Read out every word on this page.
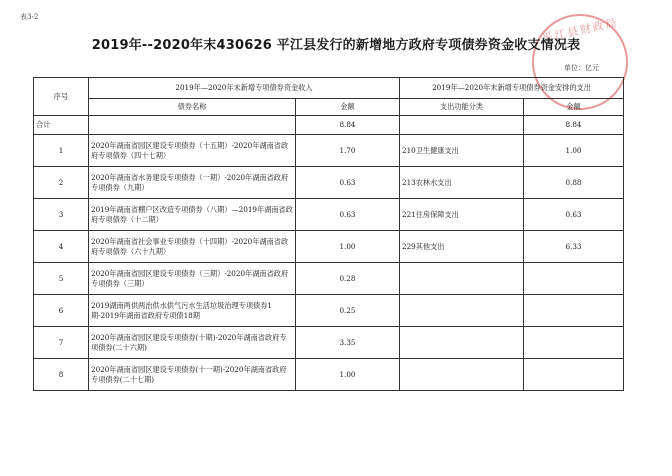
表3-2	平江县财政局
2019年--2020年末430626 平江县发行的新增地方政府专项债券资金收支情况表
单位：亿元
序号	2019年—2020年末新增专项债券资金收入		2019年—2020年末新增专项债券资金安排的支出	
	债券名称	金额	支出功能分类	金额
合计		8.84		8.84
1	2020年湖南省园区建设专项债券（十五期）-2020年湖南省政府专项债券（四十七期）	1.70	210卫生健康支出	1.00
2	2020年湖南省水务建设专项债券（一期）-2020年湖南省政府专项债券（九期）	0.63	213农林水支出	0.88
3	2019年湖南省棚户区改造专项债券（八期）—2019年湖南省政府专项债券（十二期）	0.63	221住房保障支出	0.63
4	2020年湖南省社会事业专项债券（十四期）-2020年湖南省政府专项债券（六十九期）	1.00	229其他支出	6.33
5	2020年湖南省园区建设专项债券（三期）-2020年湖南省政府专项债券（三期）	0.28		
6	2019湖南两供两治供水供气污水生活垃圾治理专项债券1期-2019年湖南省政府专项债18期	0.25		
7	2020年湖南省园区建设专项债券(十期)-2020年湖南省政府专项债券(二十六期)	3.35		
8	2020年湖南省园区建设专项债券(十一期)-2020年湖南省政府专项债券(二十七期)	1.00		
